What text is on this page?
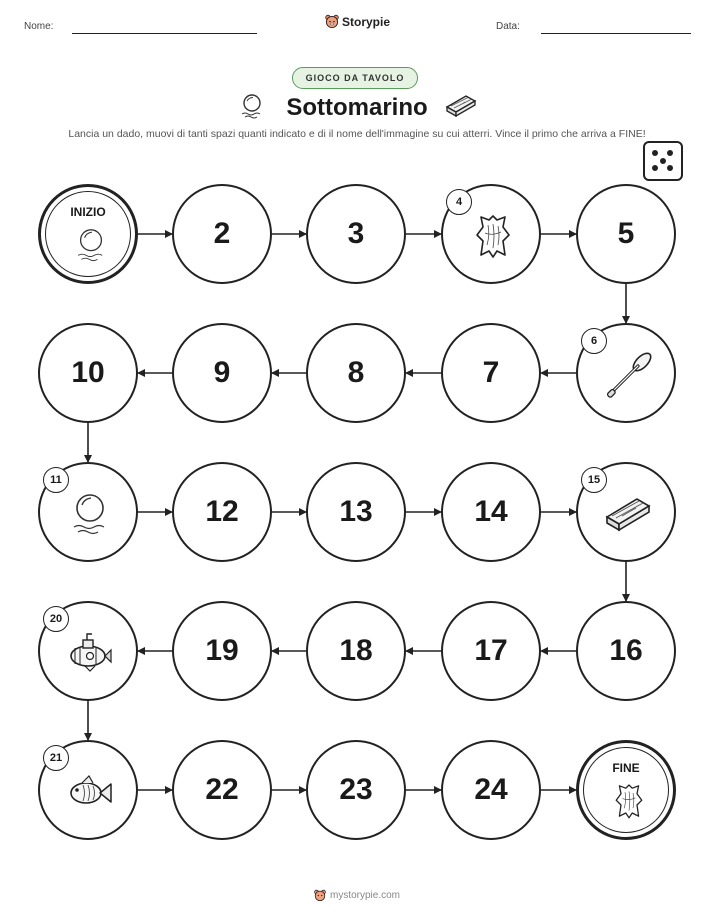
Nome:	Storypie	Data:
GIOCO DA TAVOLO
Sottomarino
Lancia un dado, muovi di tanti spazi quanti indicato e di il nome dell'immagine su cui atterri. Vince il primo che arriva a FINE!
INIZIO
2	3
4
5
6
7
8
9
10
11
12	13	14
15
16
17
18
19
20
21
22	23	24
FINE
mystorypie.com
